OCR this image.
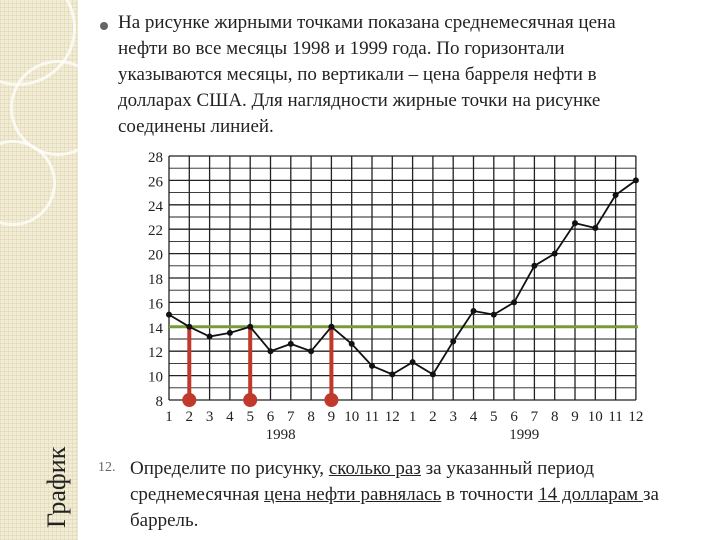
График
На рисунке жирными точками показана среднемесячная цена нефти во все месяцы 1998 и 1999 года. По горизонтали указываются месяцы, по вертикали – цена барреля нефти в долларах США. Для наглядности жирные точки на рисунке соединены линией.
8
10
12
14
16
18
20
22
24
26
28
1 2 3 4 5 6 7 8 9 10 11 12 1 2 3 4 5 6 7 8 9 10 11 12
1998	1999
12. Определите по рисунку, сколько раз за указанный период среднемесячная цена нефти равнялась в точности 14 долларам за баррель.
